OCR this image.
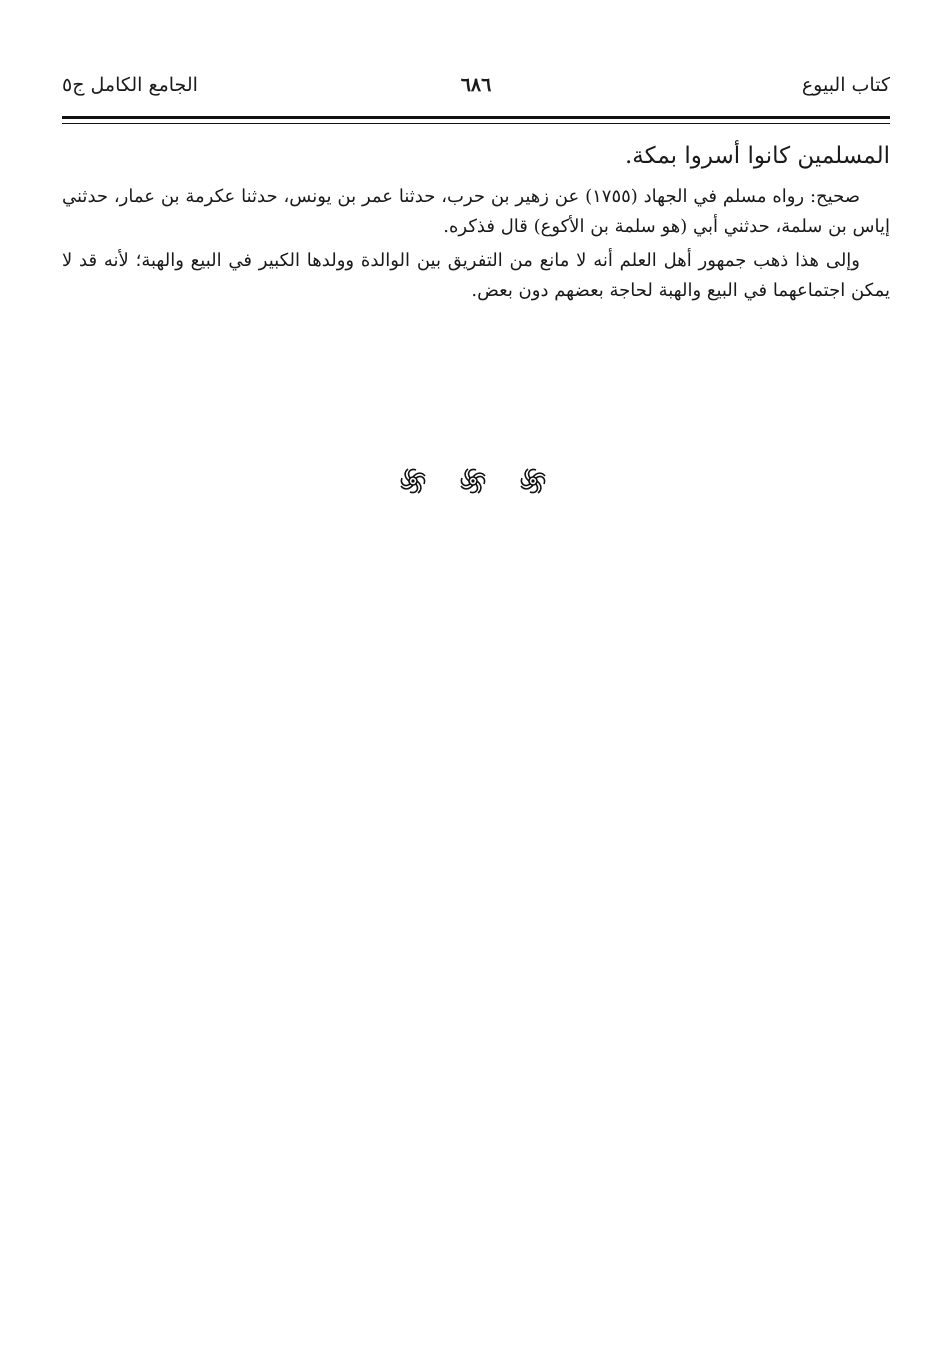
كتاب البيوع
٦٨٦
الجامع الكامل ج٥

المسلمين كانوا أسروا بمكة.

صحيح: رواه مسلم في الجهاد (١٧٥٥) عن زهير بن حرب، حدثنا عمر بن يونس، حدثنا عكرمة بن عمار، حدثني إياس بن سلمة، حدثني أبي (هو سلمة بن الأكوع) قال فذكره.

وإلى هذا ذهب جمهور أهل العلم أنه لا مانع من التفريق بين الوالدة وولدها الكبير في البيع والهبة؛ لأنه قد لا يمكن اجتماعهما في البيع والهبة لحاجة بعضهم دون بعض.
